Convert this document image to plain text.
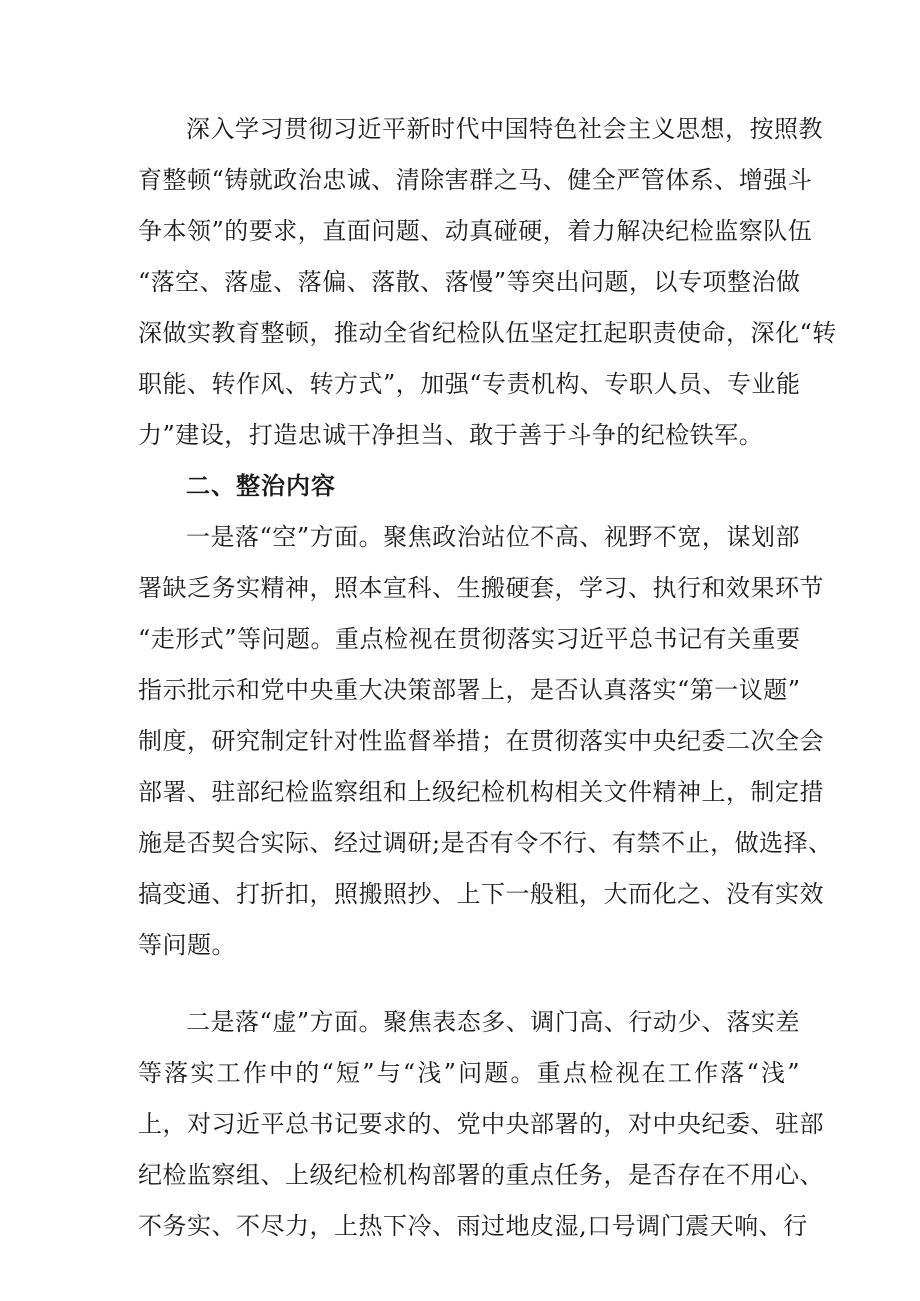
深入学习贯彻习近平新时代中国特色社会主义思想，按照教
育整顿“铸就政治忠诚、清除害群之马、健全严管体系、增强斗
争本领”的要求，直面问题、动真碰硬，着力解决纪检监察队伍
“落空、落虚、落偏、落散、落慢”等突出问题，以专项整治做
深做实教育整顿，推动全省纪检队伍坚定扛起职责使命，深化“转
职能、转作风、转方式”，加强“专责机构、专职人员、专业能
力”建设，打造忠诚干净担当、敢于善于斗争的纪检铁军。
二、整治内容
一是落“空”方面。聚焦政治站位不高、视野不宽，谋划部
署缺乏务实精神，照本宣科、生搬硬套，学习、执行和效果环节
“走形式”等问题。重点检视在贯彻落实习近平总书记有关重要
指示批示和党中央重大决策部署上，是否认真落实“第一议题”
制度，研究制定针对性监督举措；在贯彻落实中央纪委二次全会
部署、驻部纪检监察组和上级纪检机构相关文件精神上，制定措
施是否契合实际、经过调研;是否有令不行、有禁不止，做选择、
搞变通、打折扣，照搬照抄、上下一般粗，大而化之、没有实效
等问题。
二是落“虚”方面。聚焦表态多、调门高、行动少、落实差
等落实工作中的“短”与“浅”问题。重点检视在工作落“浅”
上，对习近平总书记要求的、党中央部署的，对中央纪委、驻部
纪检监察组、上级纪检机构部署的重点任务，是否存在不用心、
不务实、不尽力，上热下冷、雨过地皮湿,口号调门震天响、行
